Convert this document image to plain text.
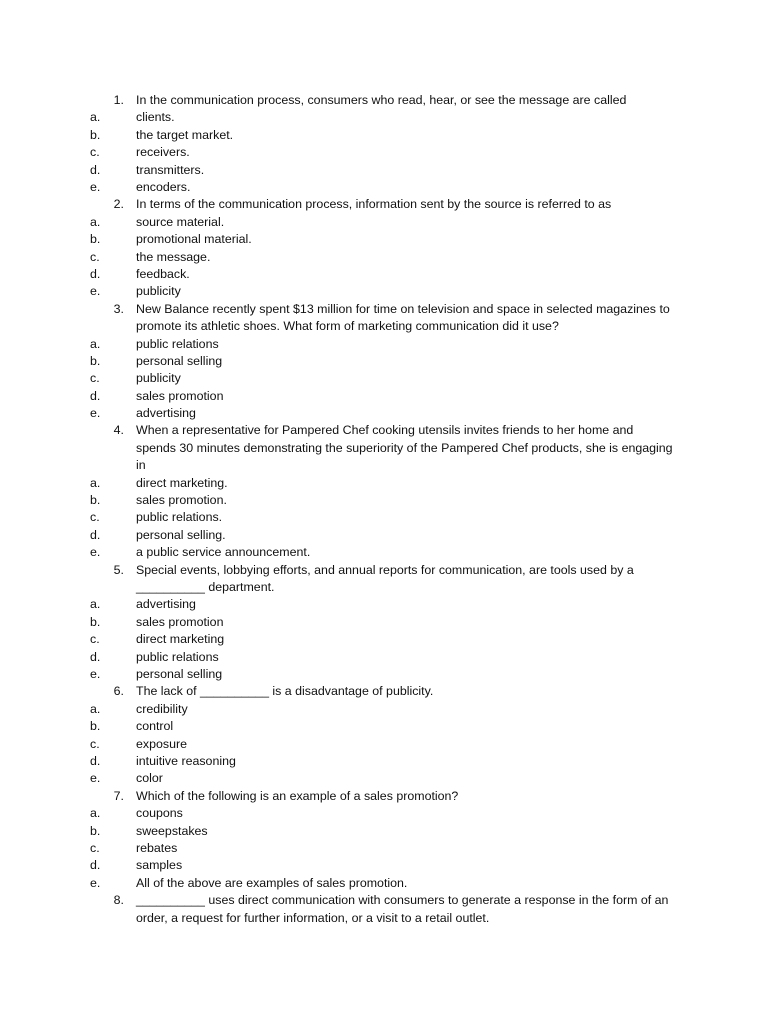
1. In the communication process, consumers who read, hear, or see the message are called
a.	clients.
b.	the target market.
c.	receivers.
d.	transmitters.
e.	encoders.
2. In terms of the communication process, information sent by the source is referred to as
a.	source material.
b.	promotional material.
c.	the message.
d.	feedback.
e.	publicity
3. New Balance recently spent $13 million for time on television and space in selected magazines to promote its athletic shoes. What form of marketing communication did it use?
a.	public relations
b.	personal selling
c.	publicity
d.	sales promotion
e.	advertising
4. When a representative for Pampered Chef cooking utensils invites friends to her home and spends 30 minutes demonstrating the superiority of the Pampered Chef products, she is engaging in
a.	direct marketing.
b.	sales promotion.
c.	public relations.
d.	personal selling.
e.	a public service announcement.
5. Special events, lobbying efforts, and annual reports for communication, are tools used by a __________ department.
a.	advertising
b.	sales promotion
c.	direct marketing
d.	public relations
e.	personal selling
6. The lack of __________ is a disadvantage of publicity.
a.	credibility
b.	control
c.	exposure
d.	intuitive reasoning
e.	color
7. Which of the following is an example of a sales promotion?
a.	coupons
b.	sweepstakes
c.	rebates
d.	samples
e.	All of the above are examples of sales promotion.
8. __________ uses direct communication with consumers to generate a response in the form of an order, a request for further information, or a visit to a retail outlet.
